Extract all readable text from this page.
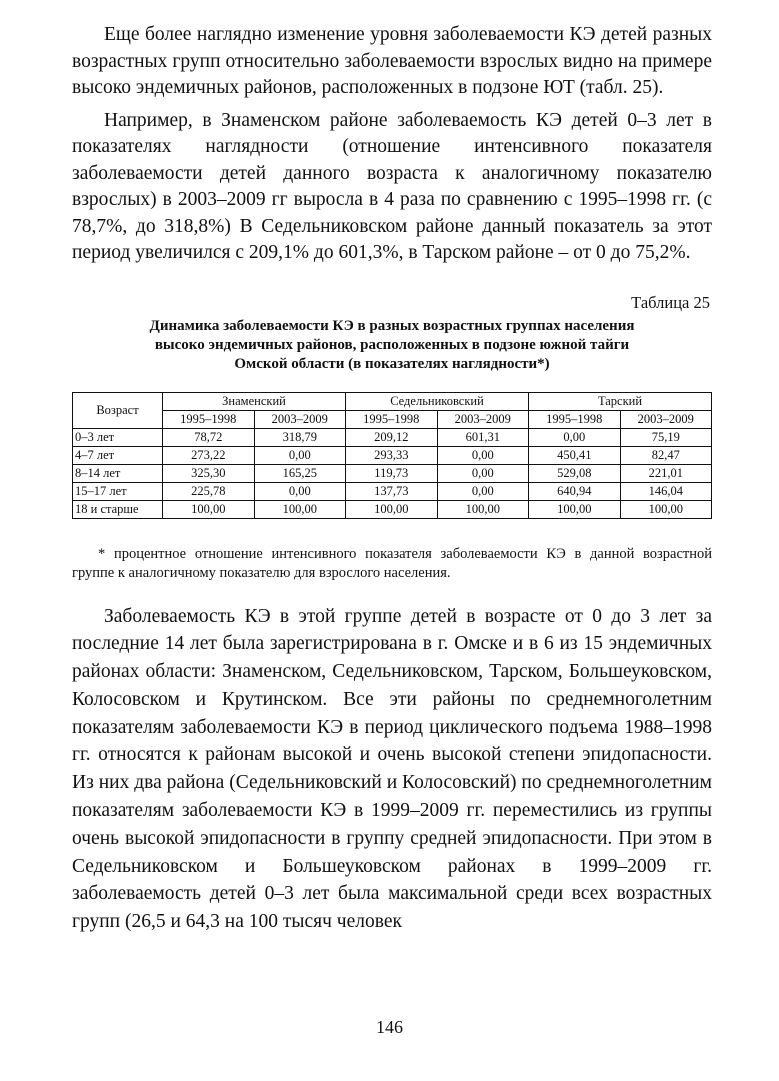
Еще более наглядно изменение уровня заболеваемости КЭ детей разных возрастных групп относительно заболеваемости взрослых видно на примере высоко эндемичных районов, расположенных в подзоне ЮТ (табл. 25).

Например, в Знаменском районе заболеваемость КЭ детей 0–3 лет в показателях наглядности (отношение интенсивного показателя заболеваемости детей данного возраста к аналогичному показателю взрослых) в 2003–2009 гг выросла в 4 раза по сравнению с 1995–1998 гг. (с 78,7%, до 318,8%) В Седельниковском районе данный показатель за этот период увеличился с 209,1% до 601,3%, в Тарском районе – от 0 до 75,2%.

Таблица 25
Динамика заболеваемости КЭ в разных возрастных группах населения
высоко эндемичных районов, расположенных в подзоне южной тайги
Омской области (в показателях наглядности*)
Возраст	Знаменский		Седельниковский		Тарский	
	1995–1998	2003–2009	1995–1998	2003–2009	1995–1998	2003–2009
0–3 лет	78,72	318,79	209,12	601,31	0,00	75,19
4–7 лет	273,22	0,00	293,33	0,00	450,41	82,47
8–14 лет	325,30	165,25	119,73	0,00	529,08	221,01
15–17 лет	225,78	0,00	137,73	0,00	640,94	146,04
18 и старше	100,00	100,00	100,00	100,00	100,00	100,00

* процентное отношение интенсивного показателя заболеваемости КЭ в данной возрастной группе к аналогичному показателю для взрослого населения.

Заболеваемость КЭ в этой группе детей в возрасте от 0 до 3 лет за последние 14 лет была зарегистрирована в г. Омске и в 6 из 15 эндемичных районах области: Знаменском, Седельниковском, Тарском, Большеуковском, Колосовском и Крутинском. Все эти районы по среднемноголетним показателям заболеваемости КЭ в период циклического подъема 1988–1998 гг. относятся к районам высокой и очень высокой степени эпидопасности. Из них два района (Седельниковский и Колосовский) по среднемноголетним показателям заболеваемости КЭ в 1999–2009 гг. переместились из группы очень высокой эпидопасности в группу средней эпидопасности. При этом в Седельниковском и Большеуковском районах в 1999–2009 гг. заболеваемость детей 0–3 лет была максимальной среди всех возрастных групп (26,5 и 64,3 на 100 тысяч человек

146
